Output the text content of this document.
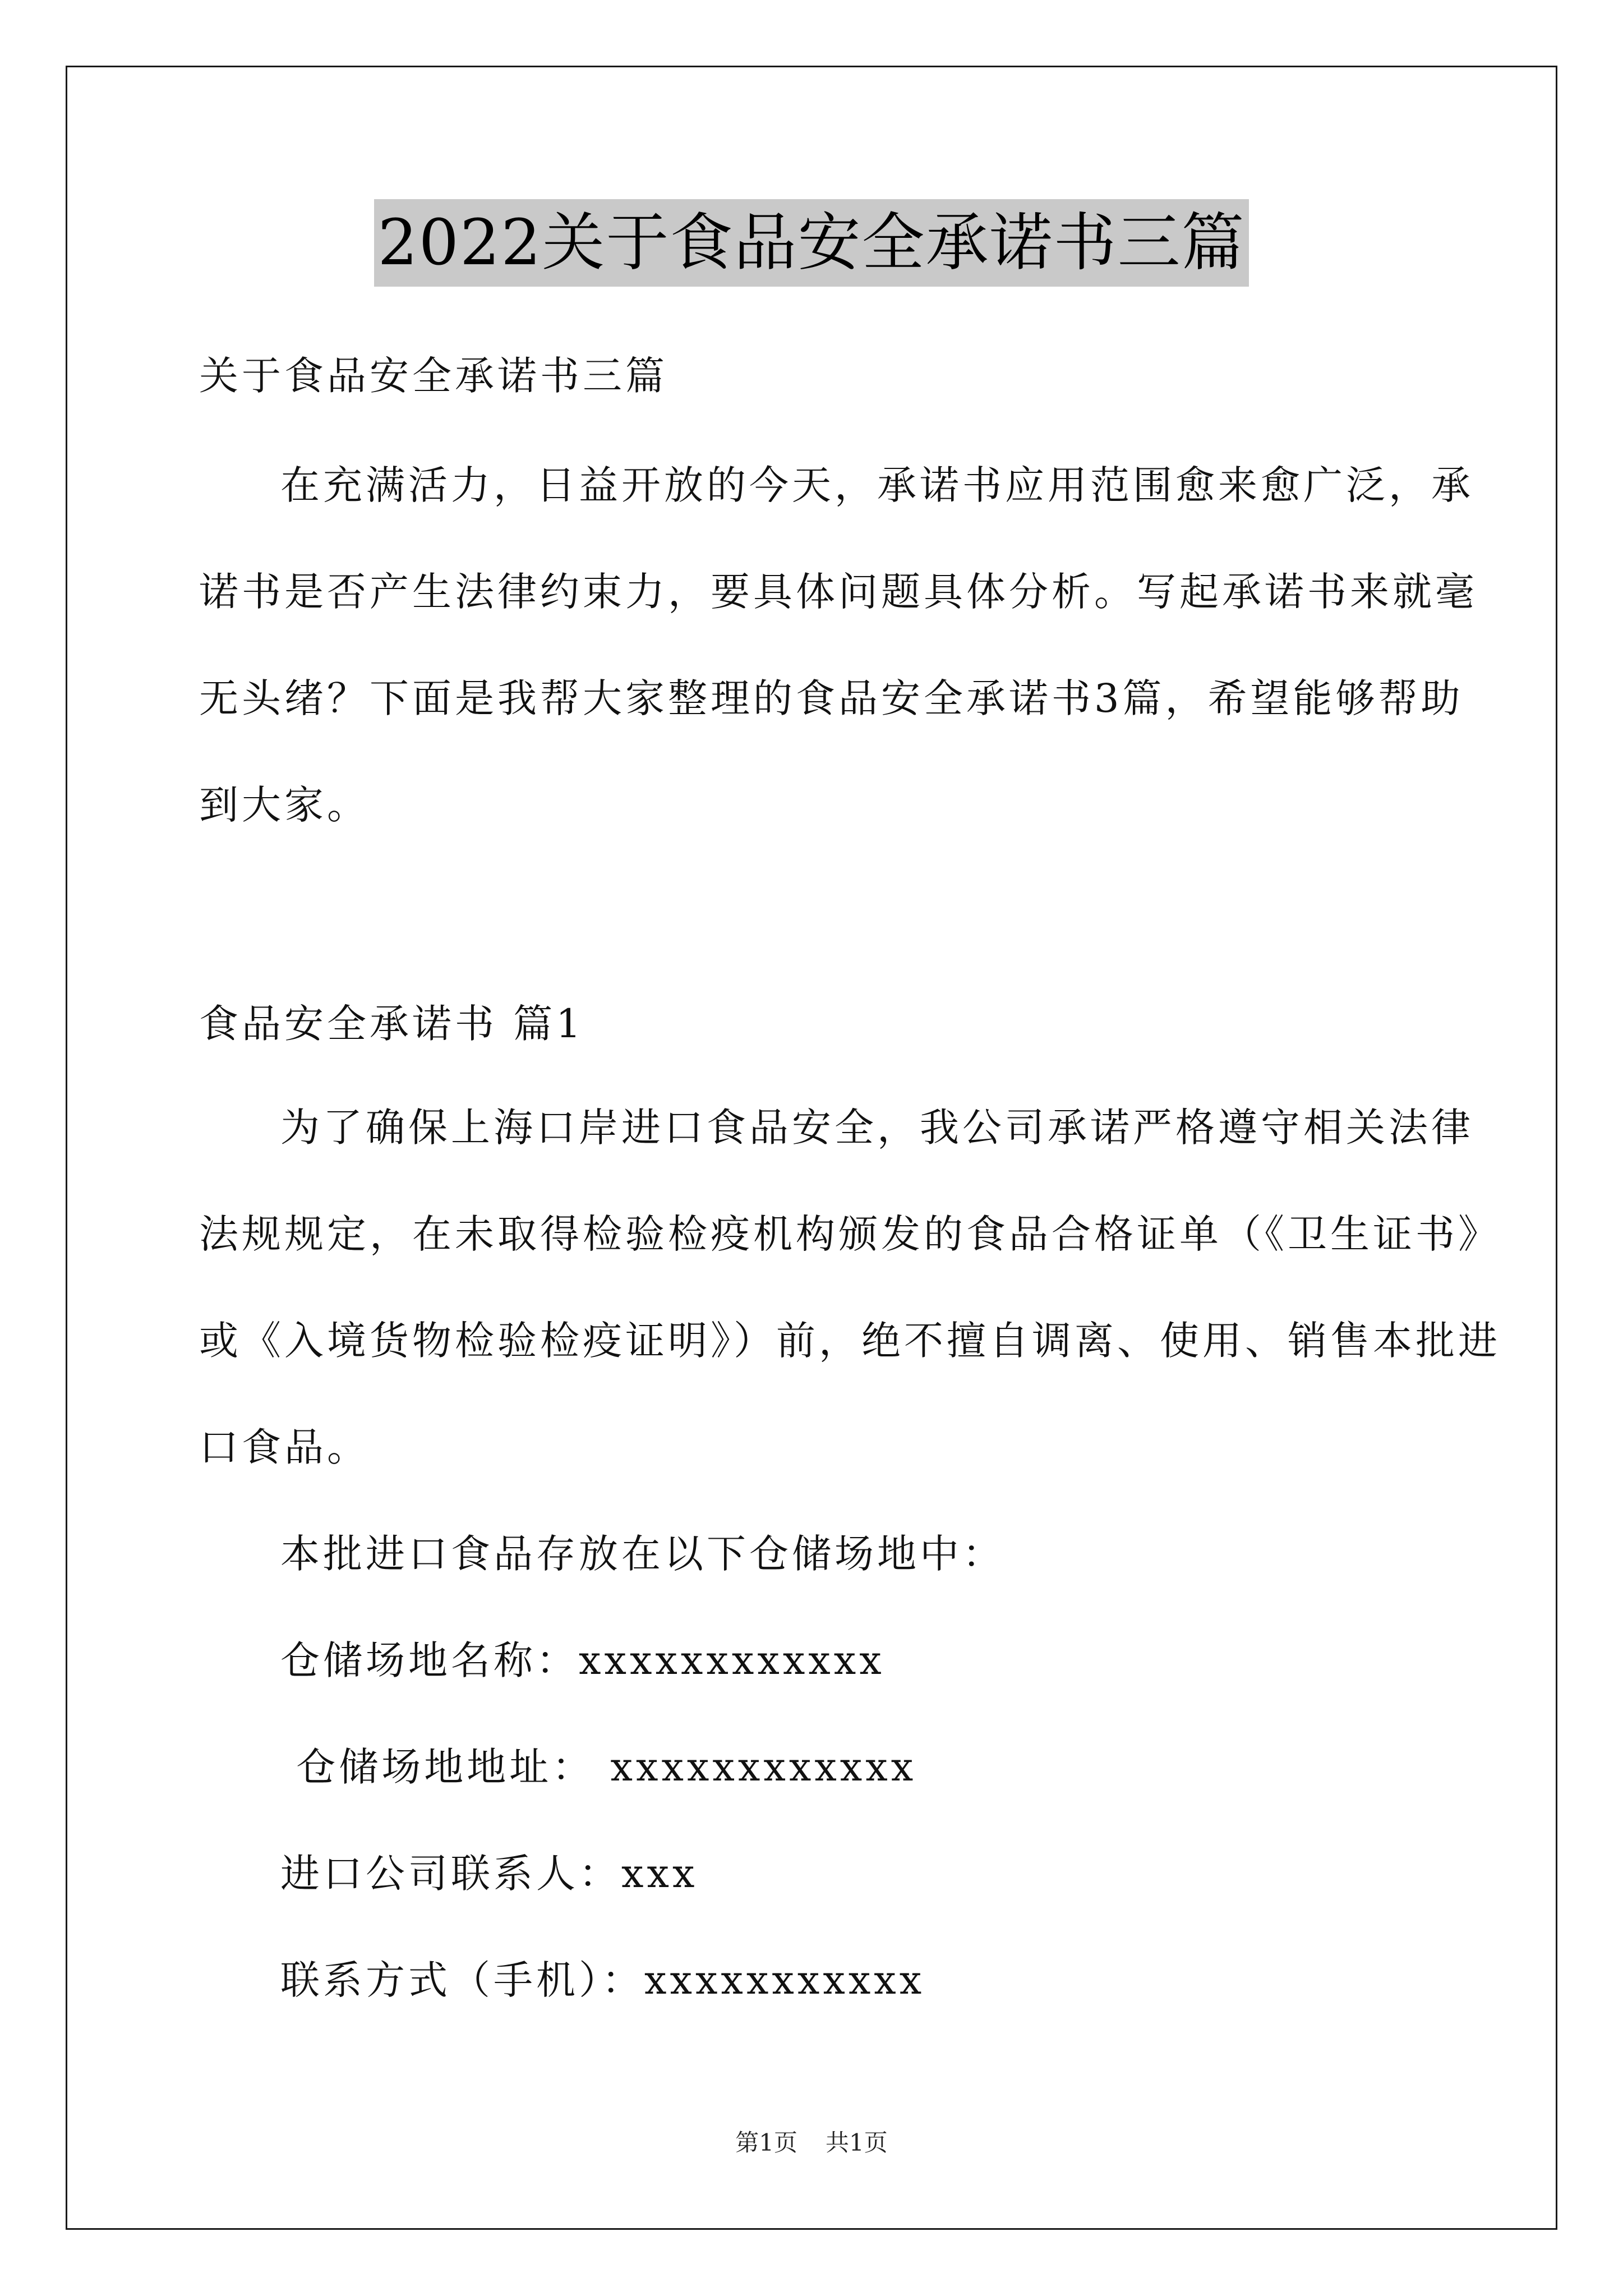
2022关于食品安全承诺书三篇
关于食品安全承诺书三篇
在充满活力，日益开放的今天，承诺书应用范围愈来愈广泛，承
诺书是否产生法律约束力，要具体问题具体分析。写起承诺书来就毫
无头绪？下面是我帮大家整理的食品安全承诺书3篇，希望能够帮助
到大家。
食品安全承诺书 篇1
为了确保上海口岸进口食品安全，我公司承诺严格遵守相关法律
法规规定，在未取得检验检疫机构颁发的食品合格证单（《卫生证书》
或《入境货物检验检疫证明》）前，绝不擅自调离、使用、销售本批进
口食品。
本批进口食品存放在以下仓储场地中：
仓储场地名称：xxxxxxxxxxxx
仓储场地地址： xxxxxxxxxxxx
进口公司联系人：xxx
联系方式（手机）：xxxxxxxxxxx
第1页 共1页
